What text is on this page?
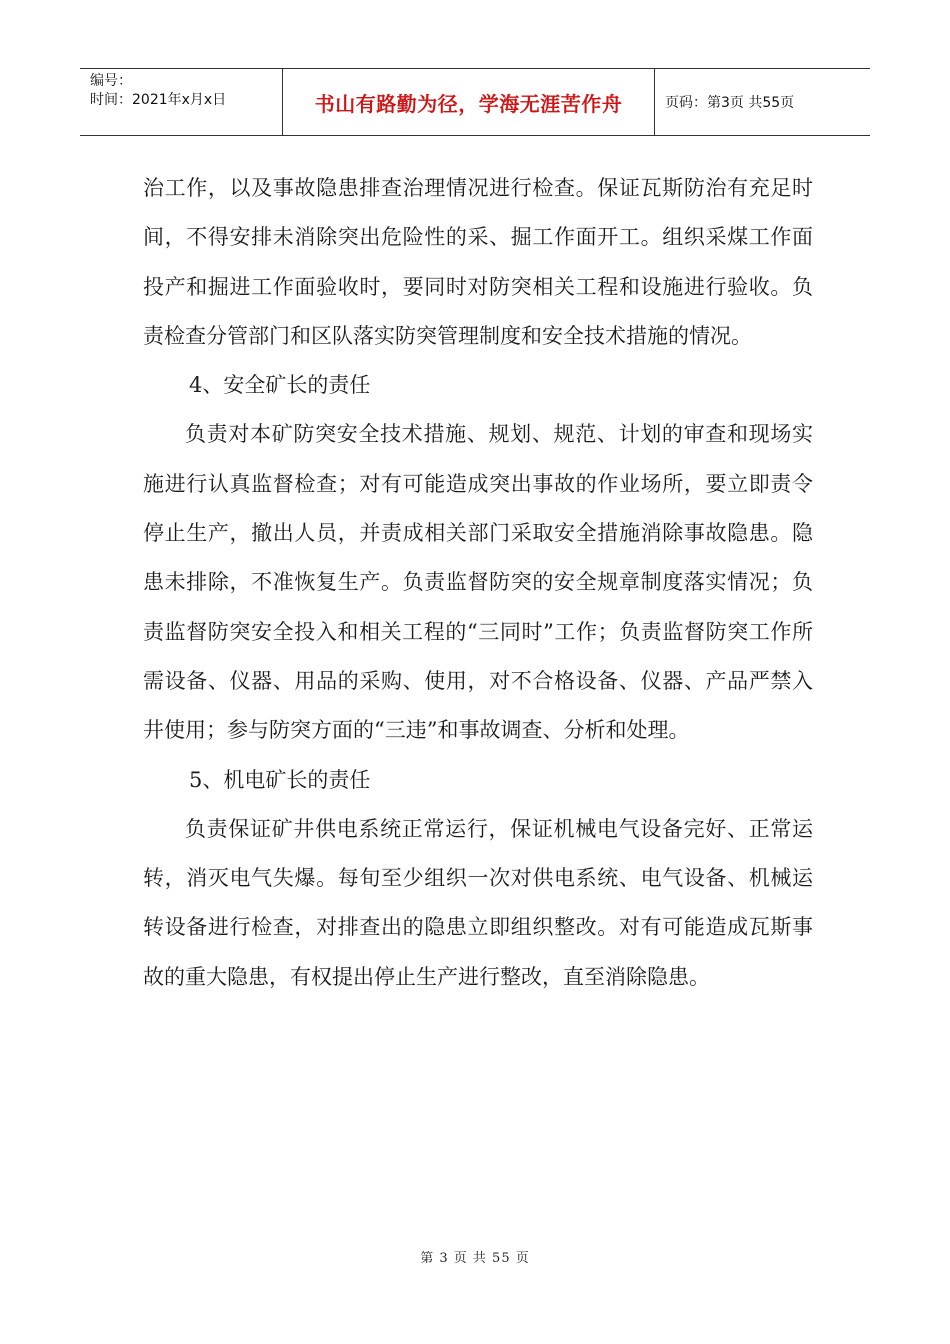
编号：
时间：2021年x月x日	书山有路勤为径，学海无涯苦作舟	页码：第3页 共55页

治工作，以及事故隐患排查治理情况进行检查。保证瓦斯防治有充足时间，不得安排未消除突出危险性的采、掘工作面开工。组织采煤工作面投产和掘进工作面验收时，要同时对防突相关工程和设施进行验收。负责检查分管部门和区队落实防突管理制度和安全技术措施的情况。

4、安全矿长的责任

负责对本矿防突安全技术措施、规划、规范、计划的审查和现场实施进行认真监督检查；对有可能造成突出事故的作业场所，要立即责令停止生产，撤出人员，并责成相关部门采取安全措施消除事故隐患。隐患未排除，不准恢复生产。负责监督防突的安全规章制度落实情况；负责监督防突安全投入和相关工程的“三同时”工作；负责监督防突工作所需设备、仪器、用品的采购、使用，对不合格设备、仪器、产品严禁入井使用；参与防突方面的“三违”和事故调查、分析和处理。

5、机电矿长的责任

负责保证矿井供电系统正常运行，保证机械电气设备完好、正常运转，消灭电气失爆。每旬至少组织一次对供电系统、电气设备、机械运转设备进行检查，对排查出的隐患立即组织整改。对有可能造成瓦斯事故的重大隐患，有权提出停止生产进行整改，直至消除隐患。

第 3 页 共 55 页
